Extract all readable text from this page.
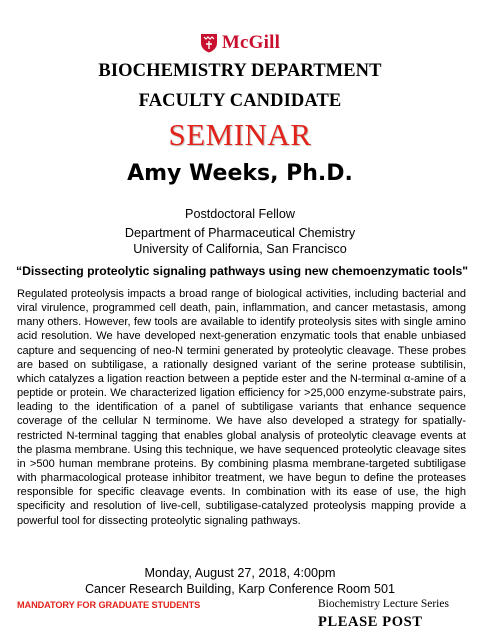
McGill
BIOCHEMISTRY DEPARTMENT
FACULTY CANDIDATE
SEMINAR
Amy Weeks, Ph.D.
Postdoctoral Fellow
Department of Pharmaceutical Chemistry
University of California, San Francisco
“Dissecting proteolytic signaling pathways using new chemoenzymatic tools"
Regulated proteolysis impacts a broad range of biological activities, including bacterial and viral virulence, programmed cell death, pain, inflammation, and cancer metastasis, among many others. However, few tools are available to identify proteolysis sites with single amino acid resolution. We have developed next-generation enzymatic tools that enable unbiased capture and sequencing of neo-N termini generated by proteolytic cleavage. These probes are based on subtiligase, a rationally designed variant of the serine protease subtilisin, which catalyzes a ligation reaction between a peptide ester and the N-terminal α-amine of a peptide or protein. We characterized ligation efficiency for >25,000 enzyme-substrate pairs, leading to the identification of a panel of subtiligase variants that enhance sequence coverage of the cellular N terminome. We have also developed a strategy for spatially-restricted N-terminal tagging that enables global analysis of proteolytic cleavage events at the plasma membrane. Using this technique, we have sequenced proteolytic cleavage sites in >500 human membrane proteins. By combining plasma membrane-targeted subtiligase with pharmacological protease inhibitor treatment, we have begun to define the proteases responsible for specific cleavage events. In combination with its ease of use, the high specificity and resolution of live-cell, subtiligase-catalyzed proteolysis mapping provide a powerful tool for dissecting proteolytic signaling pathways.
Monday, August 27, 2018, 4:00pm
Cancer Research Building, Karp Conference Room 501
MANDATORY FOR GRADUATE STUDENTS	Biochemistry Lecture Series
PLEASE POST
